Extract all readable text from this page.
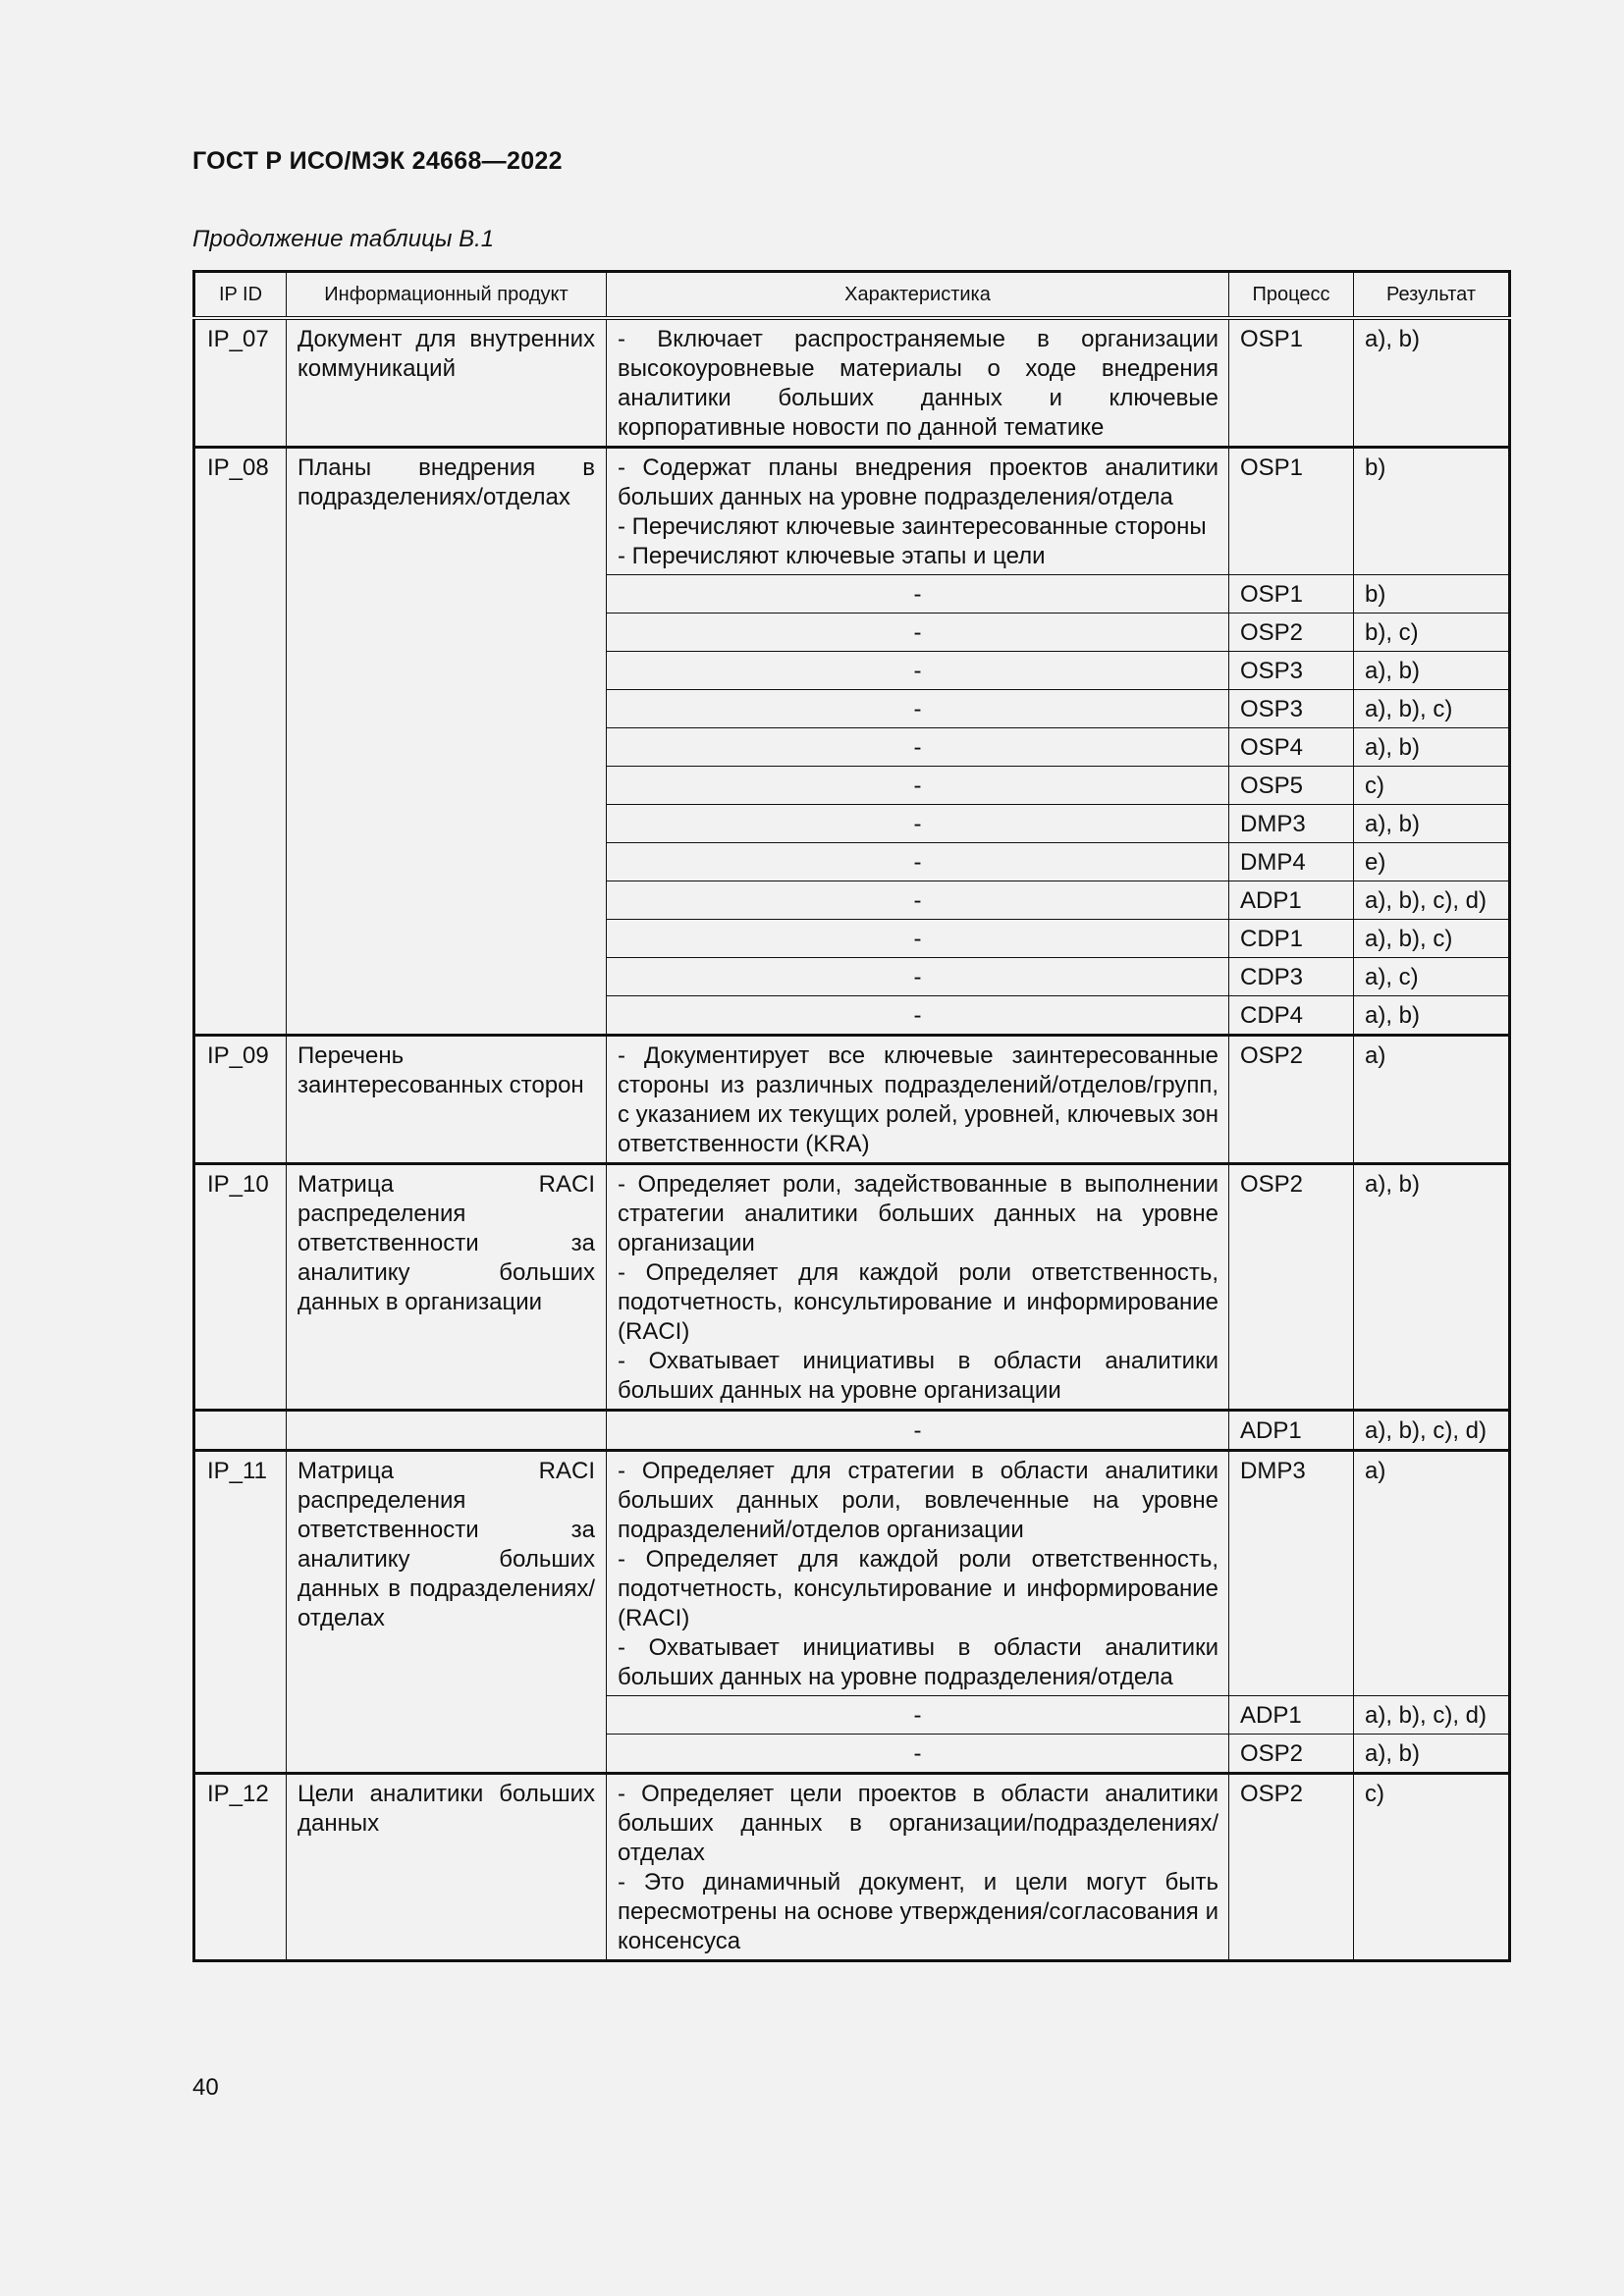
ГОСТ Р ИСО/МЭК 24668—2022
Продолжение таблицы B.1
IP ID	Информационный продукт	Характеристика	Процесс	Результат
IP_07	Документ для внутренних коммуникаций	- Включает распространяемые в организации высокоуровневые материалы о ходе внедрения аналитики больших данных и ключевые корпоративные новости по данной тематике	OSP1	a), b)
IP_08	Планы внедрения в подразделениях/отделах	- Содержат планы внедрения проектов аналитики больших данных на уровне подразделения/отдела
- Перечисляют ключевые заинтересованные стороны
- Перечисляют ключевые этапы и цели	OSP1	b)
		-	OSP1	b)
		-	OSP2	b), c)
		-	OSP3	a), b)
		-	OSP3	a), b), c)
		-	OSP4	a), b)
		-	OSP5	c)
		-	DMP3	a), b)
		-	DMP4	e)
		-	ADP1	a), b), c), d)
		-	CDP1	a), b), c)
		-	CDP3	a), c)
		-	CDP4	a), b)
IP_09	Перечень заинтересованных сторон	- Документирует все ключевые заинтересованные стороны из различных подразделений/отделов/групп, с указанием их текущих ролей, уровней, ключевых зон ответственности (KRA)	OSP2	a)
IP_10	Матрица RACI распределения ответственности за аналитику больших данных в организации	- Определяет роли, задействованные в выполнении стратегии аналитики больших данных на уровне организации
- Определяет для каждой роли ответственность, подотчетность, консультирование и информирование (RACI)
- Охватывает инициативы в области аналитики больших данных на уровне организации	OSP2	a), b)
		-	ADP1	a), b), c), d)
IP_11	Матрица RACI распределения ответственности за аналитику больших данных в подразделениях/отделах	- Определяет для стратегии в области аналитики больших данных роли, вовлеченные на уровне подразделений/отделов организации
- Определяет для каждой роли ответственность, подотчетность, консультирование и информирование (RACI)
- Охватывает инициативы в области аналитики больших данных на уровне подразделения/отдела	DMP3	a)
		-	ADP1	a), b), c), d)
		-	OSP2	a), b)
IP_12	Цели аналитики больших данных	- Определяет цели проектов в области аналитики больших данных в организации/подразделениях/отделах
- Это динамичный документ, и цели могут быть пересмотрены на основе утверждения/согласования и консенсуса	OSP2	c)
40
